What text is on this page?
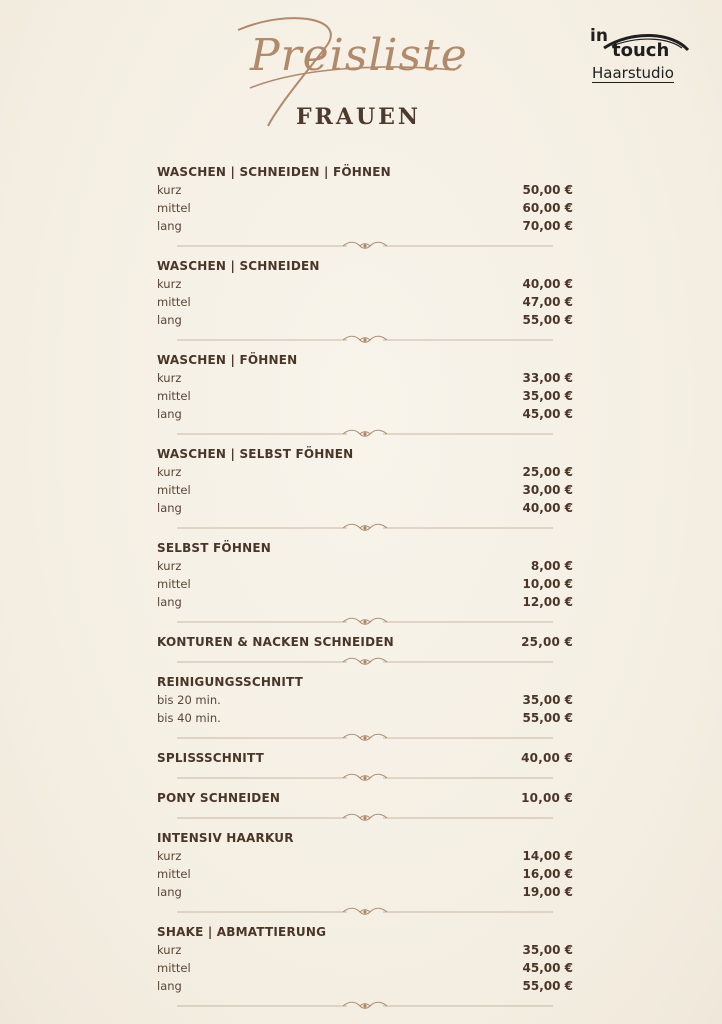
Preisliste
FRAUEN
in
touch
Haarstudio
WASCHEN | SCHNEIDEN | FÖHNEN
kurz	50,00 €
mittel	60,00 €
lang	70,00 €
WASCHEN | SCHNEIDEN
kurz	40,00 €
mittel	47,00 €
lang	55,00 €
WASCHEN | FÖHNEN
kurz	33,00 €
mittel	35,00 €
lang	45,00 €
WASCHEN | SELBST FÖHNEN
kurz	25,00 €
mittel	30,00 €
lang	40,00 €
SELBST FÖHNEN
kurz	8,00 €
mittel	10,00 €
lang	12,00 €
KONTUREN & NACKEN SCHNEIDEN	25,00 €
REINIGUNGSSCHNITT
bis 20 min.	35,00 €
bis 40 min.	55,00 €
SPLISSSCHNITT	40,00 €
PONY SCHNEIDEN	10,00 €
INTENSIV HAARKUR
kurz	14,00 €
mittel	16,00 €
lang	19,00 €
SHAKE | ABMATTIERUNG
kurz	35,00 €
mittel	45,00 €
lang	55,00 €
